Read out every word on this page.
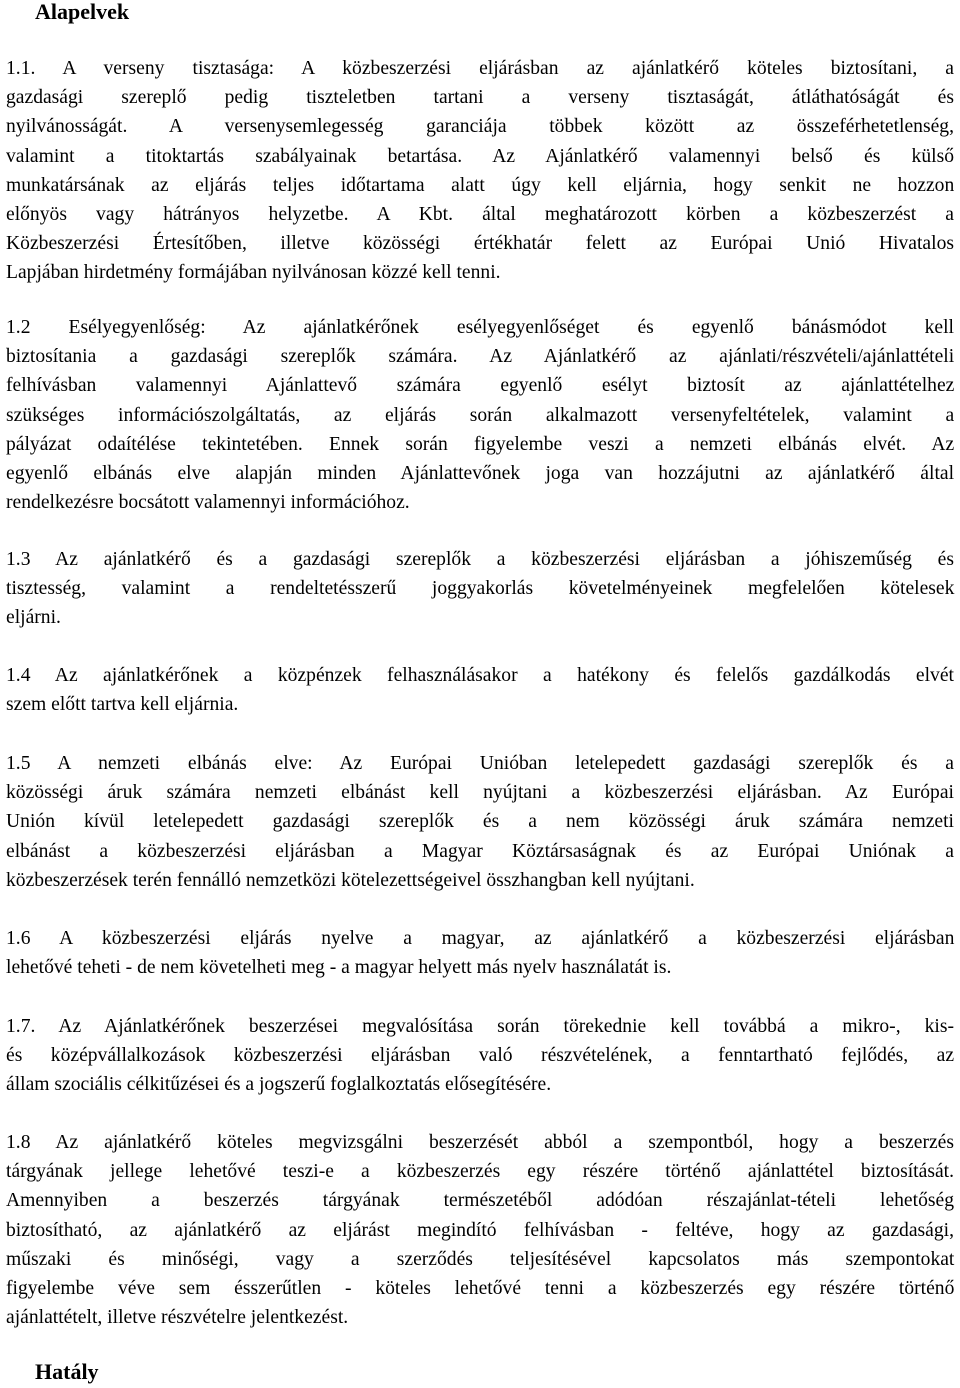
Alapelvek
1.1. A verseny tisztasága: A közbeszerzési eljárásban az ajánlatkérő köteles biztosítani, a
gazdasági szereplő pedig tiszteletben tartani a verseny tisztaságát, átláthatóságát és
nyilvánosságát. A versenysemlegesség garanciája többek között az összeférhetetlenség,
valamint a titoktartás szabályainak betartása. Az Ajánlatkérő valamennyi belső és külső
munkatársának az eljárás teljes időtartama alatt úgy kell eljárnia, hogy senkit ne hozzon
előnyös vagy hátrányos helyzetbe. A Kbt. által meghatározott körben a közbeszerzést a
Közbeszerzési Értesítőben, illetve közösségi értékhatár felett az Európai Unió Hivatalos
Lapjában hirdetmény formájában nyilvánosan közzé kell tenni.
1.2 Esélyegyenlőség: Az ajánlatkérőnek esélyegyenlőséget és egyenlő bánásmódot kell
biztosítania a gazdasági szereplők számára. Az Ajánlatkérő az ajánlati/részvételi/ajánlattételi
felhívásban valamennyi Ajánlattevő számára egyenlő esélyt biztosít az ajánlattételhez
szükséges információszolgáltatás, az eljárás során alkalmazott versenyfeltételek, valamint a
pályázat odaítélése tekintetében. Ennek során figyelembe veszi a nemzeti elbánás elvét. Az
egyenlő elbánás elve alapján minden Ajánlattevőnek joga van hozzájutni az ajánlatkérő által
rendelkezésre bocsátott valamennyi információhoz.
1.3 Az ajánlatkérő és a gazdasági szereplők a közbeszerzési eljárásban a jóhiszeműség és
tisztesség, valamint a rendeltetésszerű joggyakorlás követelményeinek megfelelően kötelesek
eljárni.
1.4 Az ajánlatkérőnek a közpénzek felhasználásakor a hatékony és felelős gazdálkodás elvét
szem előtt tartva kell eljárnia.
1.5 A nemzeti elbánás elve: Az Európai Unióban letelepedett gazdasági szereplők és a
közösségi áruk számára nemzeti elbánást kell nyújtani a közbeszerzési eljárásban. Az Európai
Unión kívül letelepedett gazdasági szereplők és a nem közösségi áruk számára nemzeti
elbánást a közbeszerzési eljárásban a Magyar Köztársaságnak és az Európai Uniónak a
közbeszerzések terén fennálló nemzetközi kötelezettségeivel összhangban kell nyújtani.
1.6 A közbeszerzési eljárás nyelve a magyar, az ajánlatkérő a közbeszerzési eljárásban
lehetővé teheti - de nem követelheti meg - a magyar helyett más nyelv használatát is.
1.7. Az Ajánlatkérőnek beszerzései megvalósítása során törekednie kell továbbá a mikro-, kis-
és középvállalkozások közbeszerzési eljárásban való részvételének, a fenntartható fejlődés, az
állam szociális célkitűzései és a jogszerű foglalkoztatás elősegítésére.
1.8 Az ajánlatkérő köteles megvizsgálni beszerzését abból a szempontból, hogy a beszerzés
tárgyának jellege lehetővé teszi-e a közbeszerzés egy részére történő ajánlattétel biztosítását.
Amennyiben a beszerzés tárgyának természetéből adódóan részajánlat-tételi lehetőség
biztosítható, az ajánlatkérő az eljárást megindító felhívásban - feltéve, hogy az gazdasági,
műszaki és minőségi, vagy a szerződés teljesítésével kapcsolatos más szempontokat
figyelembe véve sem ésszerűtlen - köteles lehetővé tenni a közbeszerzés egy részére történő
ajánlattételt, illetve részvételre jelentkezést.
Hatály
